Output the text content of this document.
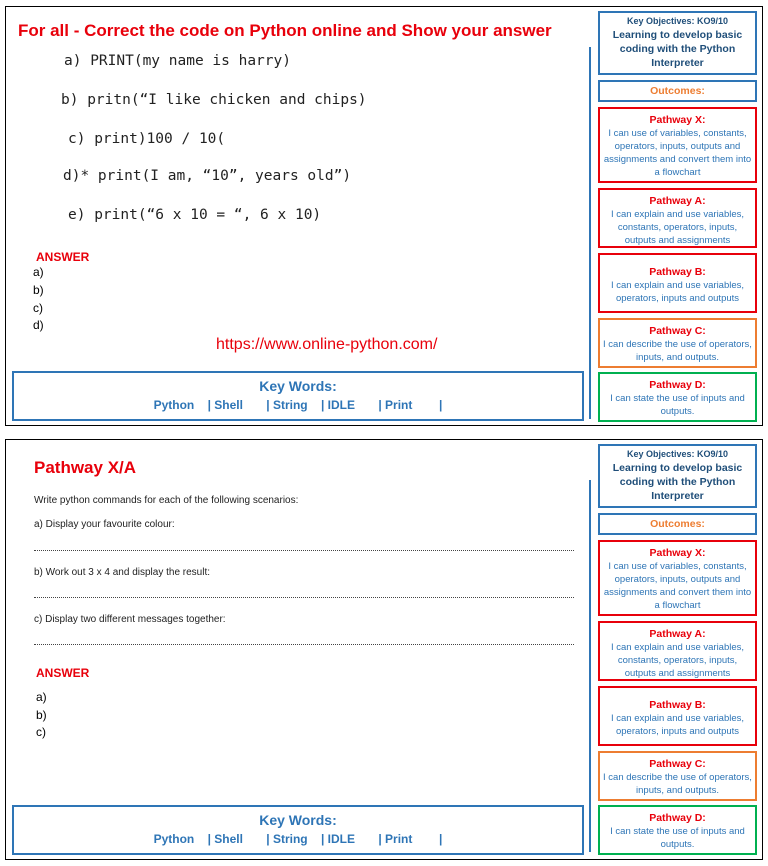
For all - Correct the code on Python online and Show your answer
a) PRINT(my name is harry)
b) pritn(“I like chicken and chips)
c) print)100 / 10(
d)* print(I am, “10”, years old”)
e) print(“6 x 10 = “, 6 x 10)
ANSWER
a)
b)
c)
d)
https://www.online-python.com/
Key Words:
Python    | Shell       | String    | IDLE       | Print        |
Key Objectives: KO9/10
Learning to develop basic coding with the Python Interpreter
Outcomes:
Pathway X:
I can use of variables, constants, operators, inputs, outputs and assignments and convert them into a flowchart
Pathway A:
I can explain and use variables, constants, operators, inputs, outputs and assignments
Pathway B:
I can explain and use variables, operators, inputs and outputs
Pathway C:
I can describe the use of operators, inputs, and outputs.
Pathway D:
I can state the use of inputs and outputs.
Pathway X/A
Write python commands for each of the following scenarios:
a) Display your favourite colour:
b) Work out 3 x 4 and display the result:
c) Display two different messages together:
ANSWER
a)
b)
c)
Key Words:
Python    | Shell       | String    | IDLE       | Print        |
Key Objectives: KO9/10
Learning to develop basic coding with the Python Interpreter
Outcomes:
Pathway X:
I can use of variables, constants, operators, inputs, outputs and assignments and convert them into a flowchart
Pathway A:
I can explain and use variables, constants, operators, inputs, outputs and assignments
Pathway B:
I can explain and use variables, operators, inputs and outputs
Pathway C:
I can describe the use of operators, inputs, and outputs.
Pathway D:
I can state the use of inputs and outputs.
